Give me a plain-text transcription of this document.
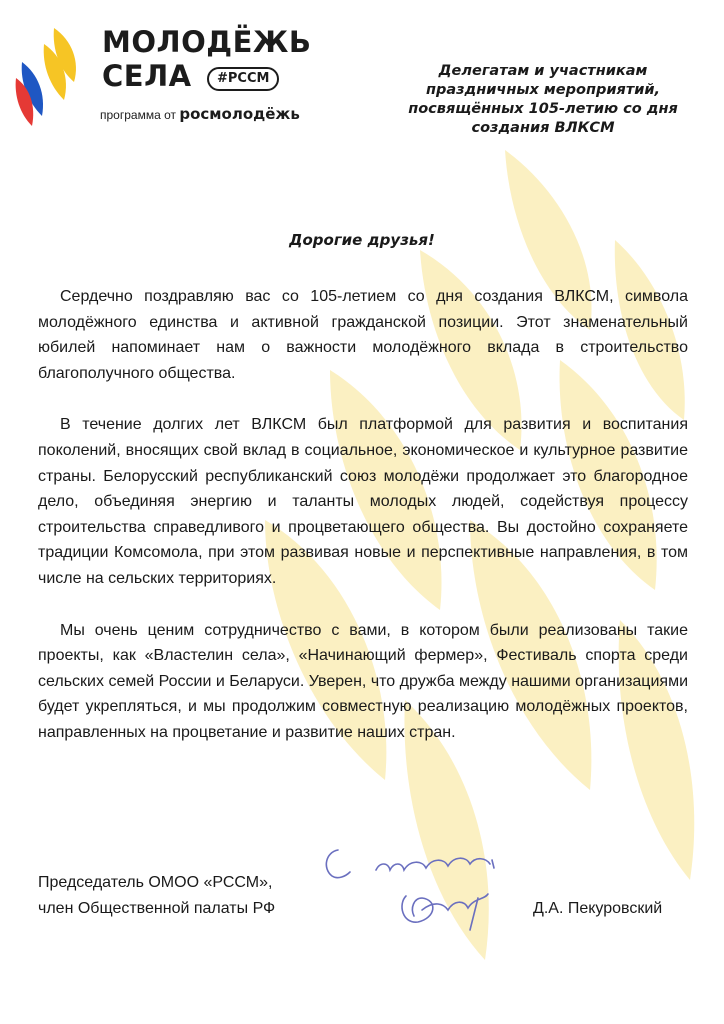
МОЛОДЁЖЬ
СЕЛА	#РССМ
программа от росмолодёжь
Делегатам и участникам
праздничных мероприятий,
посвящённых 105-летию со дня
создания ВЛКСМ
Дорогие друзья!

Сердечно поздравляю вас со 105-летием со дня создания ВЛКСМ, символа молодёжного единства и активной гражданской позиции. Этот знаменательный юбилей напоминает нам о важности молодёжного вклада в строительство благополучного общества.

В течение долгих лет ВЛКСМ был платформой для развития и воспитания поколений, вносящих свой вклад в социальное, экономическое и культурное развитие страны. Белорусский республиканский союз молодёжи продолжает это благородное дело, объединяя энергию и таланты молодых людей, содействуя процессу строительства справедливого и процветающего общества. Вы достойно сохраняете традиции Комсомола, при этом развивая новые и перспективные направления, в том числе на сельских территориях.

Мы очень ценим сотрудничество с вами, в котором были реализованы такие проекты, как «Властелин села», «Начинающий фермер», Фестиваль спорта среди сельских семей России и Беларуси. Уверен, что дружба между нашими организациями будет укрепляться, и мы продолжим совместную реализацию молодёжных проектов, направленных на процветание и развитие наших стран.

Председатель ОМОО «РССМ»,
член Общественной палаты РФ	Д.А. Пекуровский
